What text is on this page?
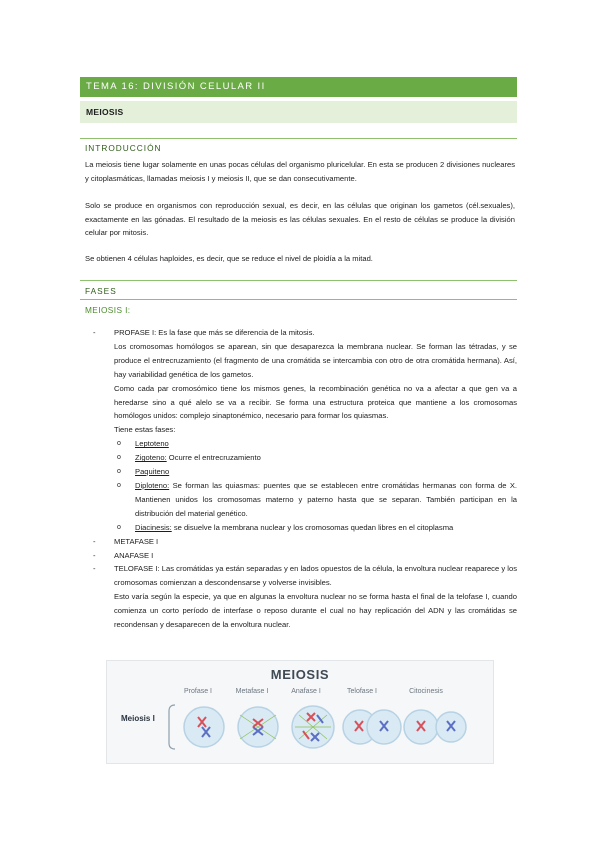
TEMA 16: DIVISIÓN CELULAR II
MEIOSIS
INTRODUCCIÓN

La meiosis tiene lugar solamente en unas pocas células del organismo pluricelular. En esta se producen 2 divisiones nucleares y citoplasmáticas, llamadas meiosis I y meiosis II, que se dan consecutivamente.

Solo se produce en organismos con reproducción sexual, es decir, en las células que originan los gametos (cél.sexuales), exactamente en las gónadas. El resultado de la meiosis es las células sexuales. En el resto de células se produce la división celular por mitosis.

Se obtienen 4 células haploides, es decir, que se reduce el nivel de ploidía a la mitad.

FASES
MEIOSIS I:
- PROFASE I: Es la fase que más se diferencia de la mitosis.

Los cromosomas homólogos se aparean, sin que desaparezca la membrana nuclear. Se forman las tétradas, y se produce el entrecruzamiento (el fragmento de una cromátida se intercambia con otro de otra cromátida hermana). Así, hay variabilidad genética de los gametos.

Como cada par cromosómico tiene los mismos genes, la recombinación genética no va a afectar a que gen va a heredarse sino a qué alelo se va a recibir. Se forma una estructura proteica que mantiene a los cromosomas homólogos unidos: complejo sinaptonémico, necesario para formar los quiasmas.

Tiene estas fases:

o Leptoteno
o Zigoteno: Ocurre el entrecruzamiento
o Paquiteno
o Diploteno: Se forman las quiasmas: puentes que se establecen entre cromátidas hermanas con forma de X. Mantienen unidos los cromosomas materno y paterno hasta que se separan. También participan en la distribución del material genético.
o Diacinesis: se disuelve la membrana nuclear y los cromosomas quedan libres en el citoplasma
- METAFASE I

- ANAFASE I

- TELOFASE I: Las cromátidas ya están separadas y en lados opuestos de la célula, la envoltura nuclear reaparece y los cromosomas comienzan a descondensarse y volverse invisibles.

Esto varía según la especie, ya que en algunas la envoltura nuclear no se forma hasta el final de la telofase I, cuando comienza un corto período de interfase o reposo durante el cual no hay replicación del ADN y las cromátidas se recondensan y desaparecen de la envoltura nuclear.

MEIOSIS
Profase I	Metafase I	Anafase I	Telofase I	Citocinesis
Meiosis I
